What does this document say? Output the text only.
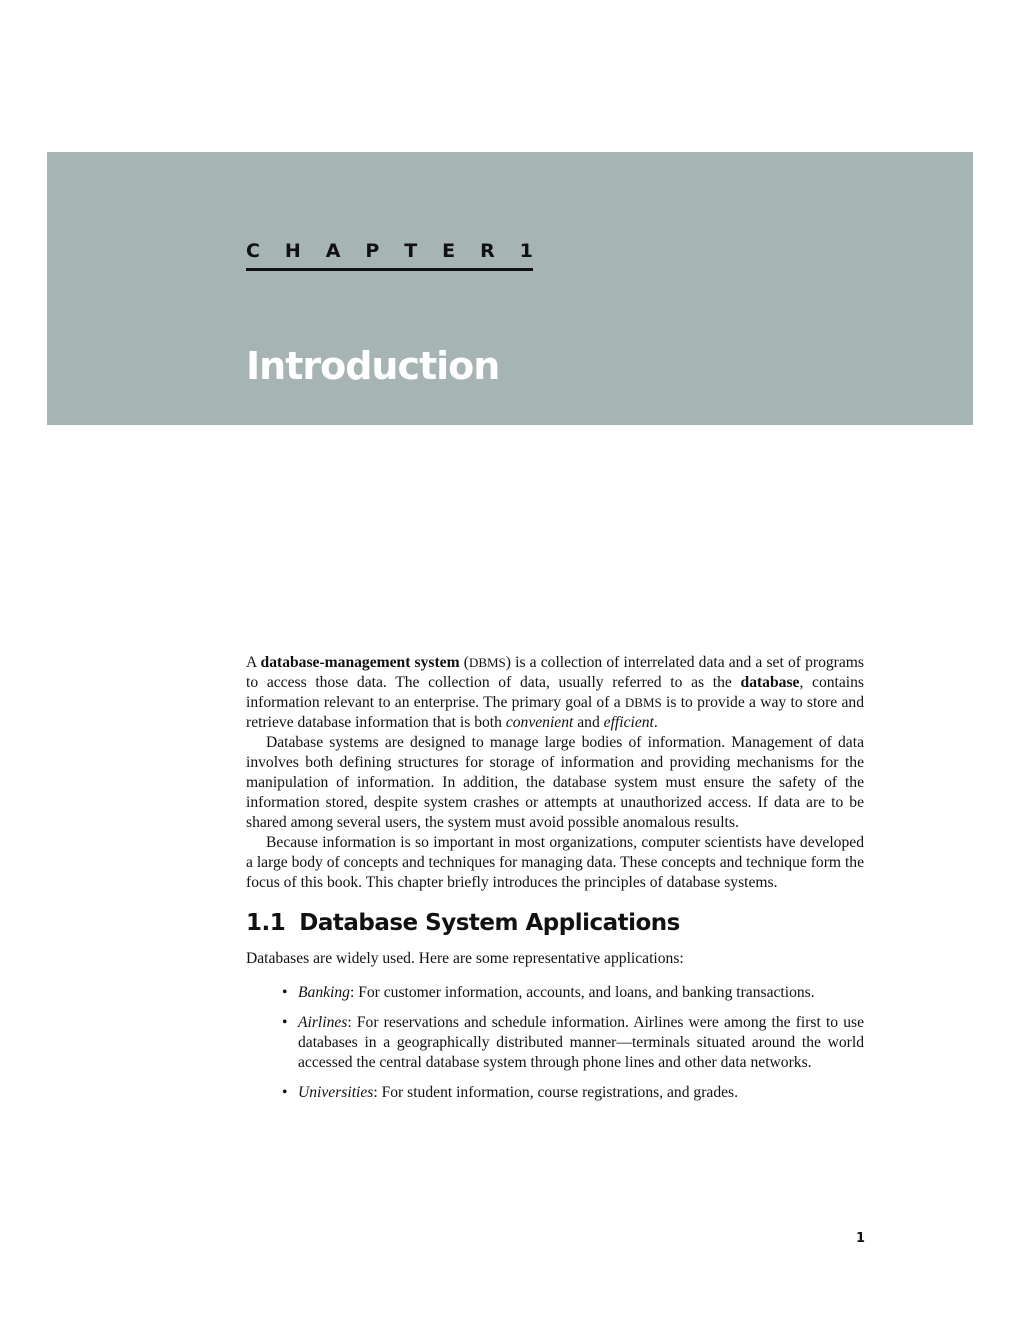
C H A P T E R 1
Introduction

A database-management system (DBMS) is a collection of interrelated data and a set of programs to access those data. The collection of data, usually referred to as the database, contains information relevant to an enterprise. The primary goal of a DBMS is to provide a way to store and retrieve database information that is both convenient and efficient.

Database systems are designed to manage large bodies of information. Management of data involves both defining structures for storage of information and providing mechanisms for the manipulation of information. In addition, the database system must ensure the safety of the information stored, despite system crashes or attempts at unauthorized access. If data are to be shared among several users, the system must avoid possible anomalous results.

Because information is so important in most organizations, computer scientists have developed a large body of concepts and techniques for managing data. These concepts and technique form the focus of this book. This chapter briefly introduces the principles of database systems.

1.1 Database System Applications

Databases are widely used. Here are some representative applications:

• Banking: For customer information, accounts, and loans, and banking transactions.
• Airlines: For reservations and schedule information. Airlines were among the first to use databases in a geographically distributed manner—terminals situated around the world accessed the central database system through phone lines and other data networks.
• Universities: For student information, course registrations, and grades.
1
